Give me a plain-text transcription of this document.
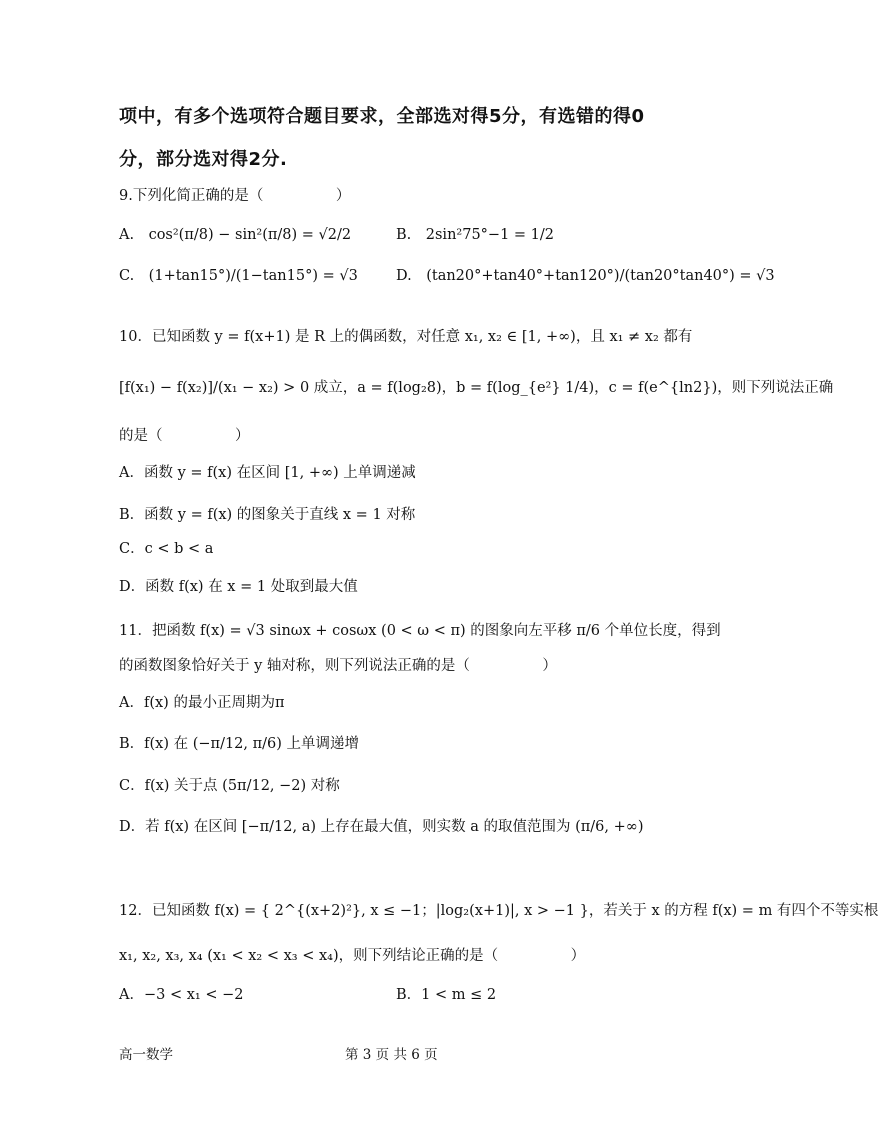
项中，有多个选项符合题目要求，全部选对得5分，有选错的得0
分，部分选对得2分.
9.下列化简正确的是（　　　　　）
A.　cos²(π/8) − sin²(π/8) = √2/2	B.　2sin²75°−1 = 1/2
C.　(1+tan15°)/(1−tan15°) = √3	D.　(tan20°+tan40°+tan120°)/(tan20°tan40°) = √3
10．已知函数 y = f(x+1) 是 R 上的偶函数，对任意 x₁, x₂ ∈ [1, +∞)，且 x₁ ≠ x₂ 都有
[f(x₁) − f(x₂)]/(x₁ − x₂) > 0 成立，a = f(log₂8)，b = f(log_{e²} 1/4)，c = f(e^{ln2})，则下列说法正确
的是（　　　　　）
A．函数 y = f(x) 在区间 [1, +∞) 上单调递减
B．函数 y = f(x) 的图象关于直线 x = 1 对称
C．c < b < a
D．函数 f(x) 在 x = 1 处取到最大值
11．把函数 f(x) = √3 sinωx + cosωx (0 < ω < π) 的图象向左平移 π/6 个单位长度，得到
的函数图象恰好关于 y 轴对称，则下列说法正确的是（　　　　　）
A．f(x) 的最小正周期为π
B．f(x) 在 (−π/12, π/6) 上单调递增
C．f(x) 关于点 (5π/12, −2) 对称
D．若 f(x) 在区间 [−π/12, a) 上存在最大值，则实数 a 的取值范围为 (π/6, +∞)
12．已知函数 f(x) = { 2^{(x+2)²}, x ≤ −1；|log₂(x+1)|, x > −1 }，若关于 x 的方程 f(x) = m 有四个不等实根
x₁, x₂, x₃, x₄ (x₁ < x₂ < x₃ < x₄)，则下列结论正确的是（　　　　　）
A．−3 < x₁ < −2	B．1 < m ≤ 2
高一数学	第 3 页 共 6 页
